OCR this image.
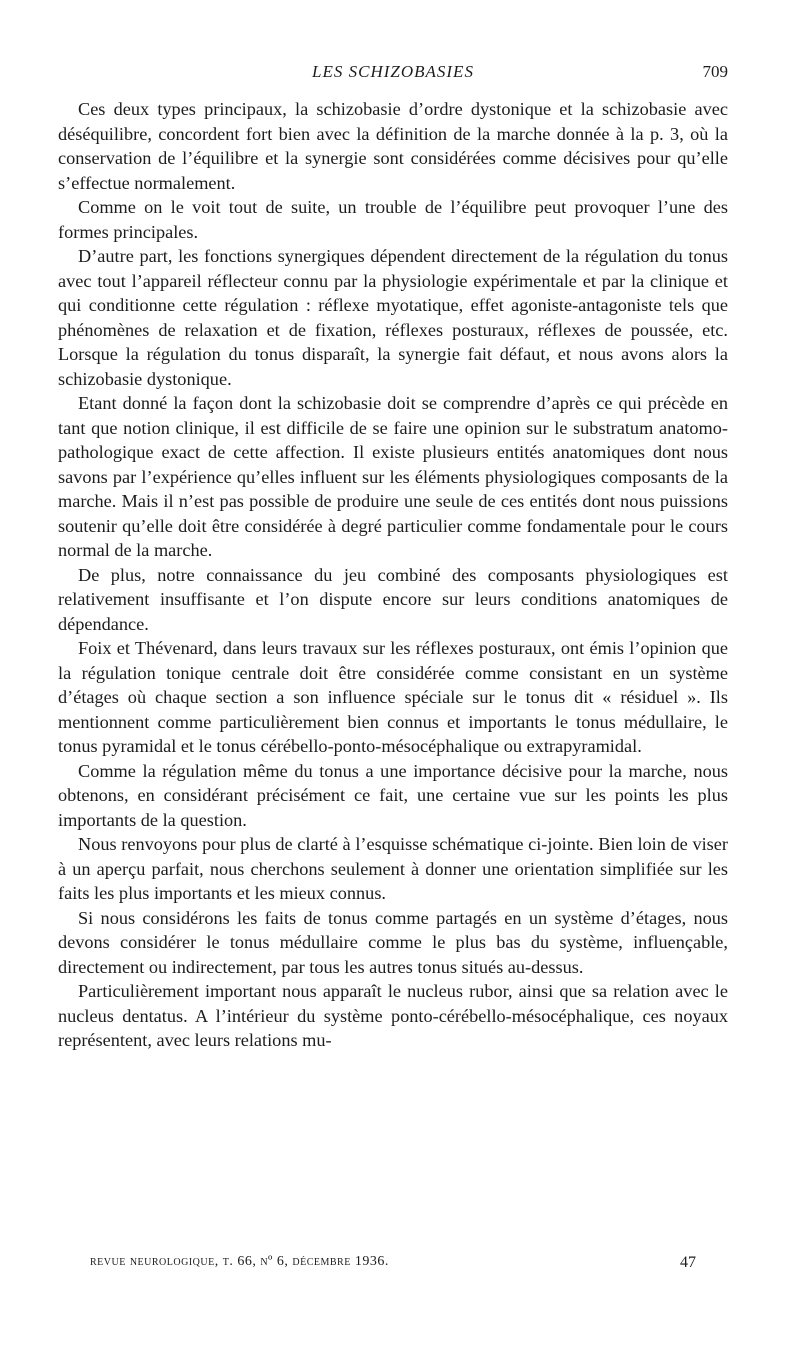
LES SCHIZOBASIES	709

Ces deux types principaux, la schizobasie d’ordre dystonique et la schizobasie avec déséquilibre, concordent fort bien avec la définition de la marche donnée à la p. 3, où la conservation de l’équilibre et la synergie sont considérées comme décisives pour qu’elle s’effectue normalement.

Comme on le voit tout de suite, un trouble de l’équilibre peut provoquer l’une des formes principales.

D’autre part, les fonctions synergiques dépendent directement de la régulation du tonus avec tout l’appareil réflecteur connu par la physiologie expérimentale et par la clinique et qui conditionne cette régulation : réflexe myotatique, effet agoniste-antagoniste tels que phénomènes de relaxation et de fixation, réflexes posturaux, réflexes de poussée, etc. Lorsque la régulation du tonus disparaît, la synergie fait défaut, et nous avons alors la schizobasie dystonique.

Etant donné la façon dont la schizobasie doit se comprendre d’après ce qui précède en tant que notion clinique, il est difficile de se faire une opinion sur le substratum anatomo-pathologique exact de cette affection. Il existe plusieurs entités anatomiques dont nous savons par l’expérience qu’elles influent sur les éléments physiologiques composants de la marche. Mais il n’est pas possible de produire une seule de ces entités dont nous puissions soutenir qu’elle doit être considérée à degré particulier comme fondamentale pour le cours normal de la marche.

De plus, notre connaissance du jeu combiné des composants physiologiques est relativement insuffisante et l’on dispute encore sur leurs conditions anatomiques de dépendance.

Foix et Thévenard, dans leurs travaux sur les réflexes posturaux, ont émis l’opinion que la régulation tonique centrale doit être considérée comme consistant en un système d’étages où chaque section a son influence spéciale sur le tonus dit « résiduel ». Ils mentionnent comme particulièrement bien connus et importants le tonus médullaire, le tonus pyramidal et le tonus cérébello-ponto-mésocéphalique ou extrapyramidal.

Comme la régulation même du tonus a une importance décisive pour la marche, nous obtenons, en considérant précisément ce fait, une certaine vue sur les points les plus importants de la question.

Nous renvoyons pour plus de clarté à l’esquisse schématique ci-jointe. Bien loin de viser à un aperçu parfait, nous cherchons seulement à donner une orientation simplifiée sur les faits les plus importants et les mieux connus.

Si nous considérons les faits de tonus comme partagés en un système d’étages, nous devons considérer le tonus médullaire comme le plus bas du système, influençable, directement ou indirectement, par tous les autres tonus situés au-dessus.

Particulièrement important nous apparaît le nucleus rubor, ainsi que sa relation avec le nucleus dentatus. A l’intérieur du système ponto-cérébello-mésocéphalique, ces noyaux représentent, avec leurs relations mu-

revue neurologique, t. 66, nº 6, décembre 1936.	47
